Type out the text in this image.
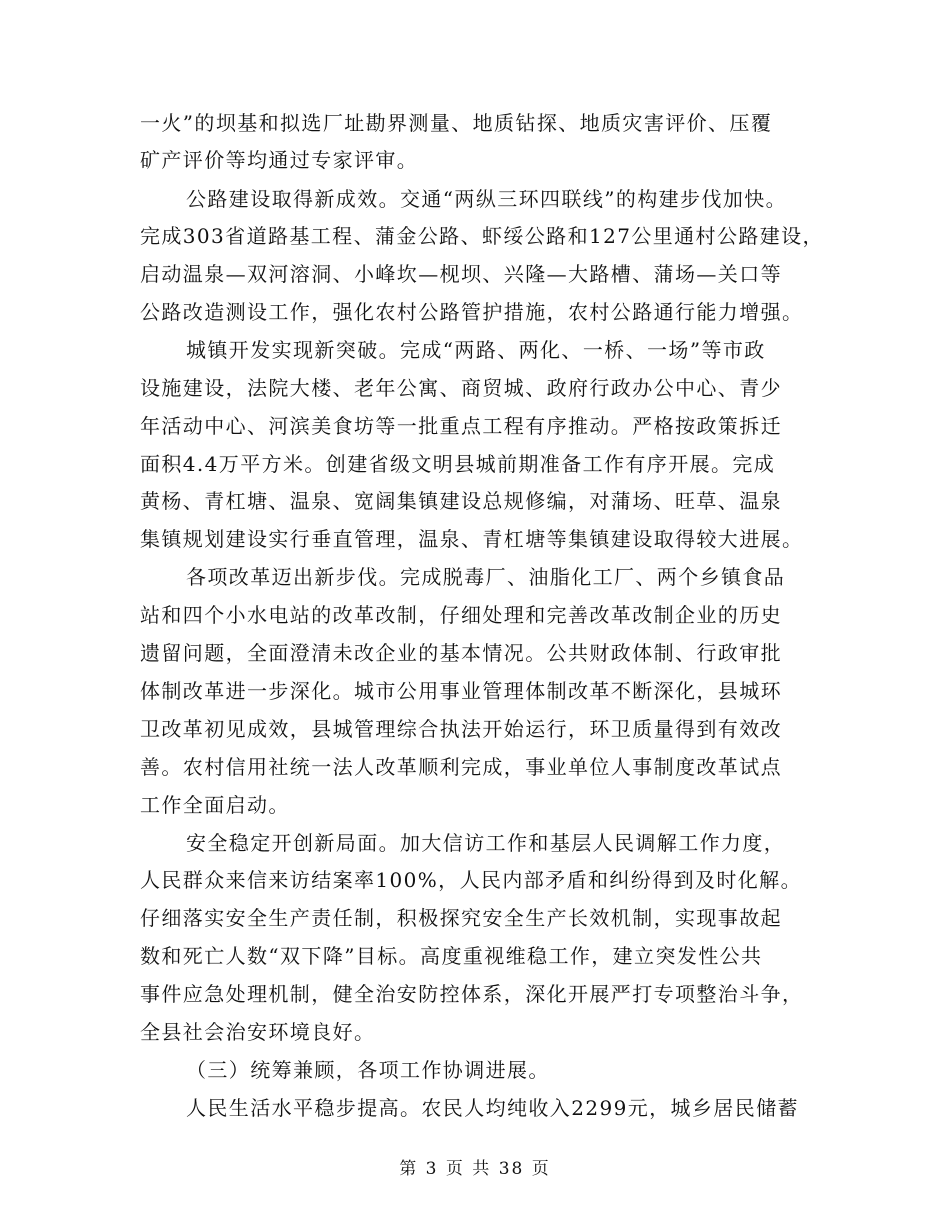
一火”的坝基和拟选厂址勘界测量、地质钻探、地质灾害评价、压覆
矿产评价等均通过专家评审。
公路建设取得新成效。交通“两纵三环四联线”的构建步伐加快。
完成303省道路基工程、蒲金公路、虾绥公路和127公里通村公路建设，
启动温泉—双河溶洞、小峰坎—枧坝、兴隆—大路槽、蒲场—关口等
公路改造测设工作，强化农村公路管护措施，农村公路通行能力增强。
城镇开发实现新突破。完成“两路、两化、一桥、一场”等市政
设施建设，法院大楼、老年公寓、商贸城、政府行政办公中心、青少
年活动中心、河滨美食坊等一批重点工程有序推动。严格按政策拆迁
面积4.4万平方米。创建省级文明县城前期准备工作有序开展。完成
黄杨、青杠塘、温泉、宽阔集镇建设总规修编，对蒲场、旺草、温泉
集镇规划建设实行垂直管理，温泉、青杠塘等集镇建设取得较大进展。
各项改革迈出新步伐。完成脱毒厂、油脂化工厂、两个乡镇食品
站和四个小水电站的改革改制，仔细处理和完善改革改制企业的历史
遗留问题，全面澄清未改企业的基本情况。公共财政体制、行政审批
体制改革进一步深化。城市公用事业管理体制改革不断深化，县城环
卫改革初见成效，县城管理综合执法开始运行，环卫质量得到有效改
善。农村信用社统一法人改革顺利完成，事业单位人事制度改革试点
工作全面启动。
安全稳定开创新局面。加大信访工作和基层人民调解工作力度，
人民群众来信来访结案率100%，人民内部矛盾和纠纷得到及时化解。
仔细落实安全生产责任制，积极探究安全生产长效机制，实现事故起
数和死亡人数“双下降”目标。高度重视维稳工作，建立突发性公共
事件应急处理机制，健全治安防控体系，深化开展严打专项整治斗争，
全县社会治安环境良好。
（三）统筹兼顾，各项工作协调进展。
人民生活水平稳步提高。农民人均纯收入2299元，城乡居民储蓄
第 3 页 共 38 页
